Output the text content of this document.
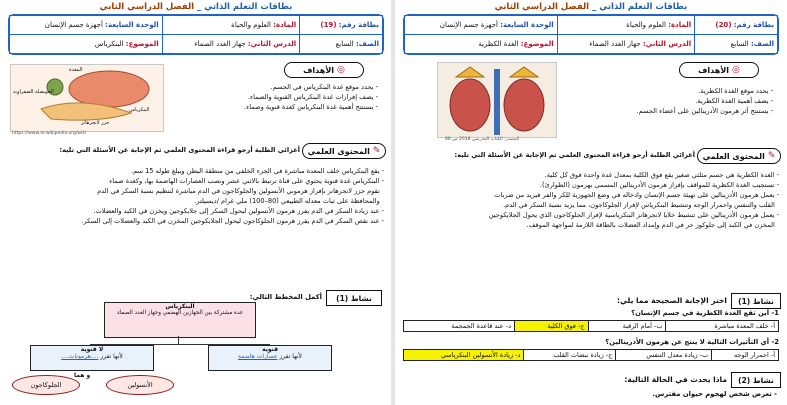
بطاقات التعلم الذاتي _ الفصل الدراسي الثاني
بطاقة رقم: (19)	المادة: العلوم والحياة	الوحدة السابعة: أجهزة جسم الإنسان
الصف: السابع	الدرس الثاني: جهاز الغدد الصماء	الموضوع: البنكرياس
◎
الأهداف
- يحدد موقع غدة البنكرياس في الجسم.
- يصف إفرازات غدة البنكرياس القنوية والصماء.
- يستنتج أهمية غدة البنكرياس كغدة قنوية وصماء.
المعدة
الحويصلة الصفراوية
البنكرياس
جزر لانجرهانز
https://www.ar.wikipedia.org/wiki
✎
المحتوى العلمي
أعزائي الطلبة أرجو قراءة المحتوى العلمي ثم الإجابة عن الأسئلة التي تليه:
- يقع البنكرياس خلف المعدة مباشرة في الجزء الخلفي من منطقة البطن ويبلغ طوله 15 سم.
- البنكرياس غدة قنوية يحتوي على قناة ترتبط بالاثني عشر وتصب العصارات الهاضمة بها، وكغدة صماء
تقوم جزر لانجرهانز بإفراز هرموني الأنسولين والجلوكاجون في الدم مباشرة لتنظيم نسبة السكر في الدم
والمحافظة على ثبات معدله الطبيعي (80–100) ملي غرام /ديسيلتر.
- عند زيادة السكر في الدم يفرز هرمون الأنسولين ليحول السكر إلى جلايكوجين ويخزن في الكبد والعضلات.
- عند نقص السكر في الدم يفرز هرمون الجلوكاجون ليحول الجلايكوجين المخزن في الكبد والعضلات إلى السكر.
نشاط (1)
أكمل المخطط التالي:
البنكرياس
غدة مشتركة بين الجهازين الهضمي وجهاز الغدد الصماء
لا قنوية
لأنها تفرز ....هرمونات....
قنوية
لأنها تفرز عصارات هاضمة
و هما
الجلوكاجون	الأنسولين
بطاقات التعلم الذاتي _ الفصل الدراسي الثاني
بطاقة رقم: (20)	المادة: العلوم والحياة	الوحدة السابعة: أجهزة جسم الإنسان
الصف: السابع	الدرس الثاني: جهاز الغدد الصماء	الموضوع: الغدة الكظرية
◎
الأهداف
- يحدد موقع الغدة الكظرية.
- يصف أهمية الغدة الكظرية.
- يستنتج أثر هرمون الأدرينالين على أعضاء الجسم.
المصدر: الكتاب المدرسي 2018 ص 88
✎
المحتوى العلمي
أعزائي الطلبة أرجو قراءة المحتوى العلمي ثم الإجابة عن الأسئلة التي تليه:
- الغدة الكظرية هي جسم مثلثي صغير يقع فوق الكلية بمعدل غدة واحدة فوق كل كلية.
- تستجيب الغدة الكظرية للمواقف بإفراز هرمون الأدرينالين المسمى بهرمون (الطوارئ).
- يعمل هرمون الأدرينالين على تهيئة جسم الإنسان وادخاله في وضع الجهوزية للكر والفر فيزيد من ضربات
القلب والتنفس واحمرار الوجه وتنشيط البنكرياس لإفراز الجلوكاجون، مما يزيد نسبة السكر في الدم.
- يعمل هرمون الأدرينالين على تنشيط خلايا لانجرهانز البنكرياسية لإفراز الجلوكاجون الذي يحول الجلايكوجين
المخزن في الكبد إلى جلوكوز حر في الدم وإمداد العضلات بالطاقة اللازمة لمواجهة الموقف.
نشاط (1)
اختر الإجابة الصحيحة مما يلي:
1- أين تقع الغدة الكظرية في جسم الإنسان؟
أ- خلف المعدة مباشرة	ب- أمام الرقبة	ج- فوق الكلية	د- عند قاعدة الجمجمة
2- أي التأثيرات التالية لا ينتج عن هرمون الأدرينالين؟
أ- احمرار الوجه	ب- زيادة معدل التنفس	ج- زيادة نبضات القلب	د- زيادة الأنسولين البنكرياسي
نشاط (2)
ماذا يحدث في الحالة التالية:
- تعرض شخص لهجوم حيوان مفترس.
